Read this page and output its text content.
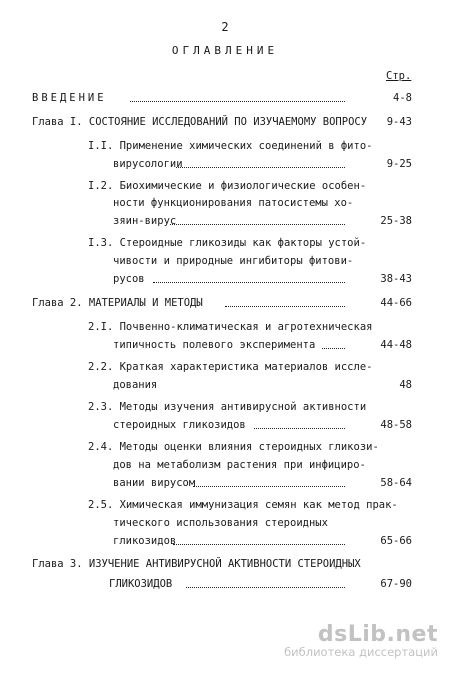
2
ОГЛАВЛЕНИЕ
Стр.
ВВЕДЕНИЕ	4-8
Глава I. СОСТОЯНИЕ ИССЛЕДОВАНИЙ ПО ИЗУЧАЕМОМУ ВОПРОСУ	9-43
I.I. Применение химических соединений в фито-
вирусологии	9-25
I.2. Биохимические и физиологические особен-
ности функционирования патосистемы хо-
зяин-вирус	25-38
I.3. Стероидные гликозиды как факторы устой-
чивости и природные ингибиторы фитови-
русов	38-43
Глава 2. МАТЕРИАЛЫ И МЕТОДЫ	44-66
2.I. Почвенно-климатическая и агротехническая
типичность полевого эксперимента	44-48
2.2. Краткая характеристика материалов иссле-
дования	48
2.3. Методы изучения антивирусной активности
стероидных гликозидов	48-58
2.4. Методы оценки влияния стероидных гликози-
дов на метаболизм растения при инфициро-
вании вирусом	58-64
2.5. Химическая иммунизация семян как метод прак-
тического использования стероидных
гликозидов	65-66
Глава 3. ИЗУЧЕНИЕ АНТИВИРУСНОЙ АКТИВНОСТИ СТЕРОИДНЫХ
ГЛИКОЗИДОВ	67-90
dsLib.net
библиотека диссертаций
